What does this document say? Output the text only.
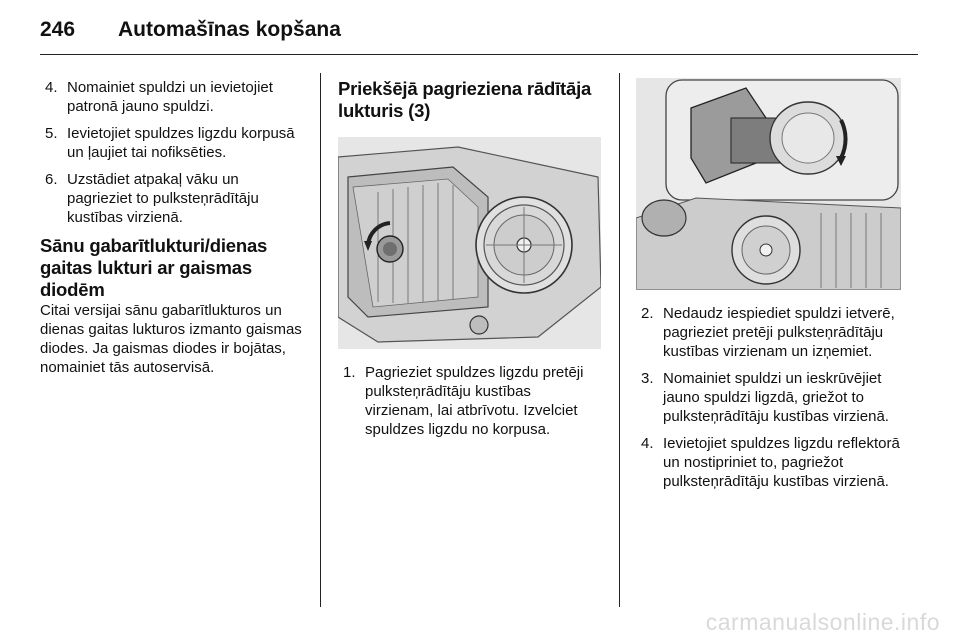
246	Automašīnas kopšana
4. Nomainiet spuldzi un ievietojiet patronā jauno spuldzi.
5. Ievietojiet spuldzes ligzdu korpusā un ļaujiet tai nofiksēties.
6. Uzstādiet atpakaļ vāku un pagrieziet to pulksteņrādītāju kustības virzienā.
Sānu gabarītlukturi/dienas gaitas lukturi ar gaismas diodēm

Citai versijai sānu gabarītlukturos un dienas gaitas lukturos izmanto gaismas diodes. Ja gaismas diodes ir bojātas, nomainiet tās autoservisā.

Priekšējā pagrieziena rādītāja lukturis (3)
1. Pagrieziet spuldzes ligzdu pretēji pulksteņrādītāju kustības virzienam, lai atbrīvotu. Izvelciet spuldzes ligzdu no korpusa.
2. Nedaudz iespiediet spuldzi ietverē, pagrieziet pretēji pulksteņrādītāju kustības virzienam un izņemiet.
3. Nomainiet spuldzi un ieskrūvējiet jauno spuldzi ligzdā, griežot to pulksteņrādītāju kustības virzienā.
4. Ievietojiet spuldzes ligzdu reflektorā un nostipriniet to, pagriežot pulksteņrādītāju kustības virzienā.
carmanualsonline.info
